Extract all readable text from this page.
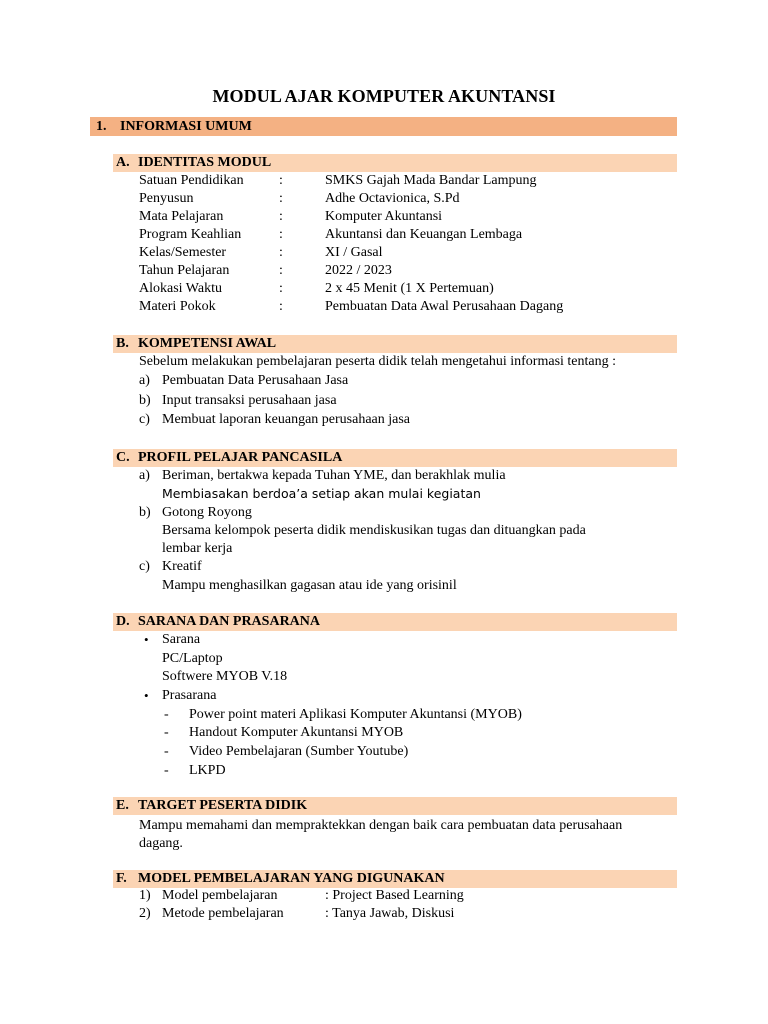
MODUL AJAR KOMPUTER AKUNTANSI
1. INFORMASI UMUM
A. IDENTITAS MODUL
Satuan Pendidikan	:	SMKS Gajah Mada Bandar Lampung
Penyusun	:	Adhe Octavionica, S.Pd
Mata Pelajaran	:	Komputer Akuntansi
Program Keahlian	:	Akuntansi dan Keuangan Lembaga
Kelas/Semester	:	XI / Gasal
Tahun Pelajaran	:	2022 / 2023
Alokasi Waktu	:	2 x 45 Menit (1 X Pertemuan)
Materi Pokok	:	Pembuatan Data Awal Perusahaan Dagang
B. KOMPETENSI AWAL
Sebelum melakukan pembelajaran peserta didik telah mengetahui informasi tentang :
a) Pembuatan Data Perusahaan Jasa
b) Input transaksi perusahaan jasa
c) Membuat laporan keuangan perusahaan jasa
C. PROFIL PELAJAR PANCASILA
a) Beriman, bertakwa kepada Tuhan YME, dan berakhlak mulia
Membiasakan berdoa’a setiap akan mulai kegiatan
b) Gotong Royong
Bersama kelompok peserta didik mendiskusikan tugas dan dituangkan pada
lembar kerja
c) Kreatif
Mampu menghasilkan gagasan atau ide yang orisinil
D. SARANA DAN PRASARANA
• Sarana
PC/Laptop
Softwere MYOB V.18
• Prasarana
- Power point materi Aplikasi Komputer Akuntansi (MYOB)
- Handout Komputer Akuntansi MYOB
- Video Pembelajaran (Sumber Youtube)
- LKPD
E. TARGET PESERTA DIDIK
Mampu memahami dan mempraktekkan dengan baik cara pembuatan data perusahaan
dagang.
F. MODEL PEMBELAJARAN YANG DIGUNAKAN
1) Model pembelajaran	: Project Based Learning
2) Metode pembelajaran	: Tanya Jawab, Diskusi
